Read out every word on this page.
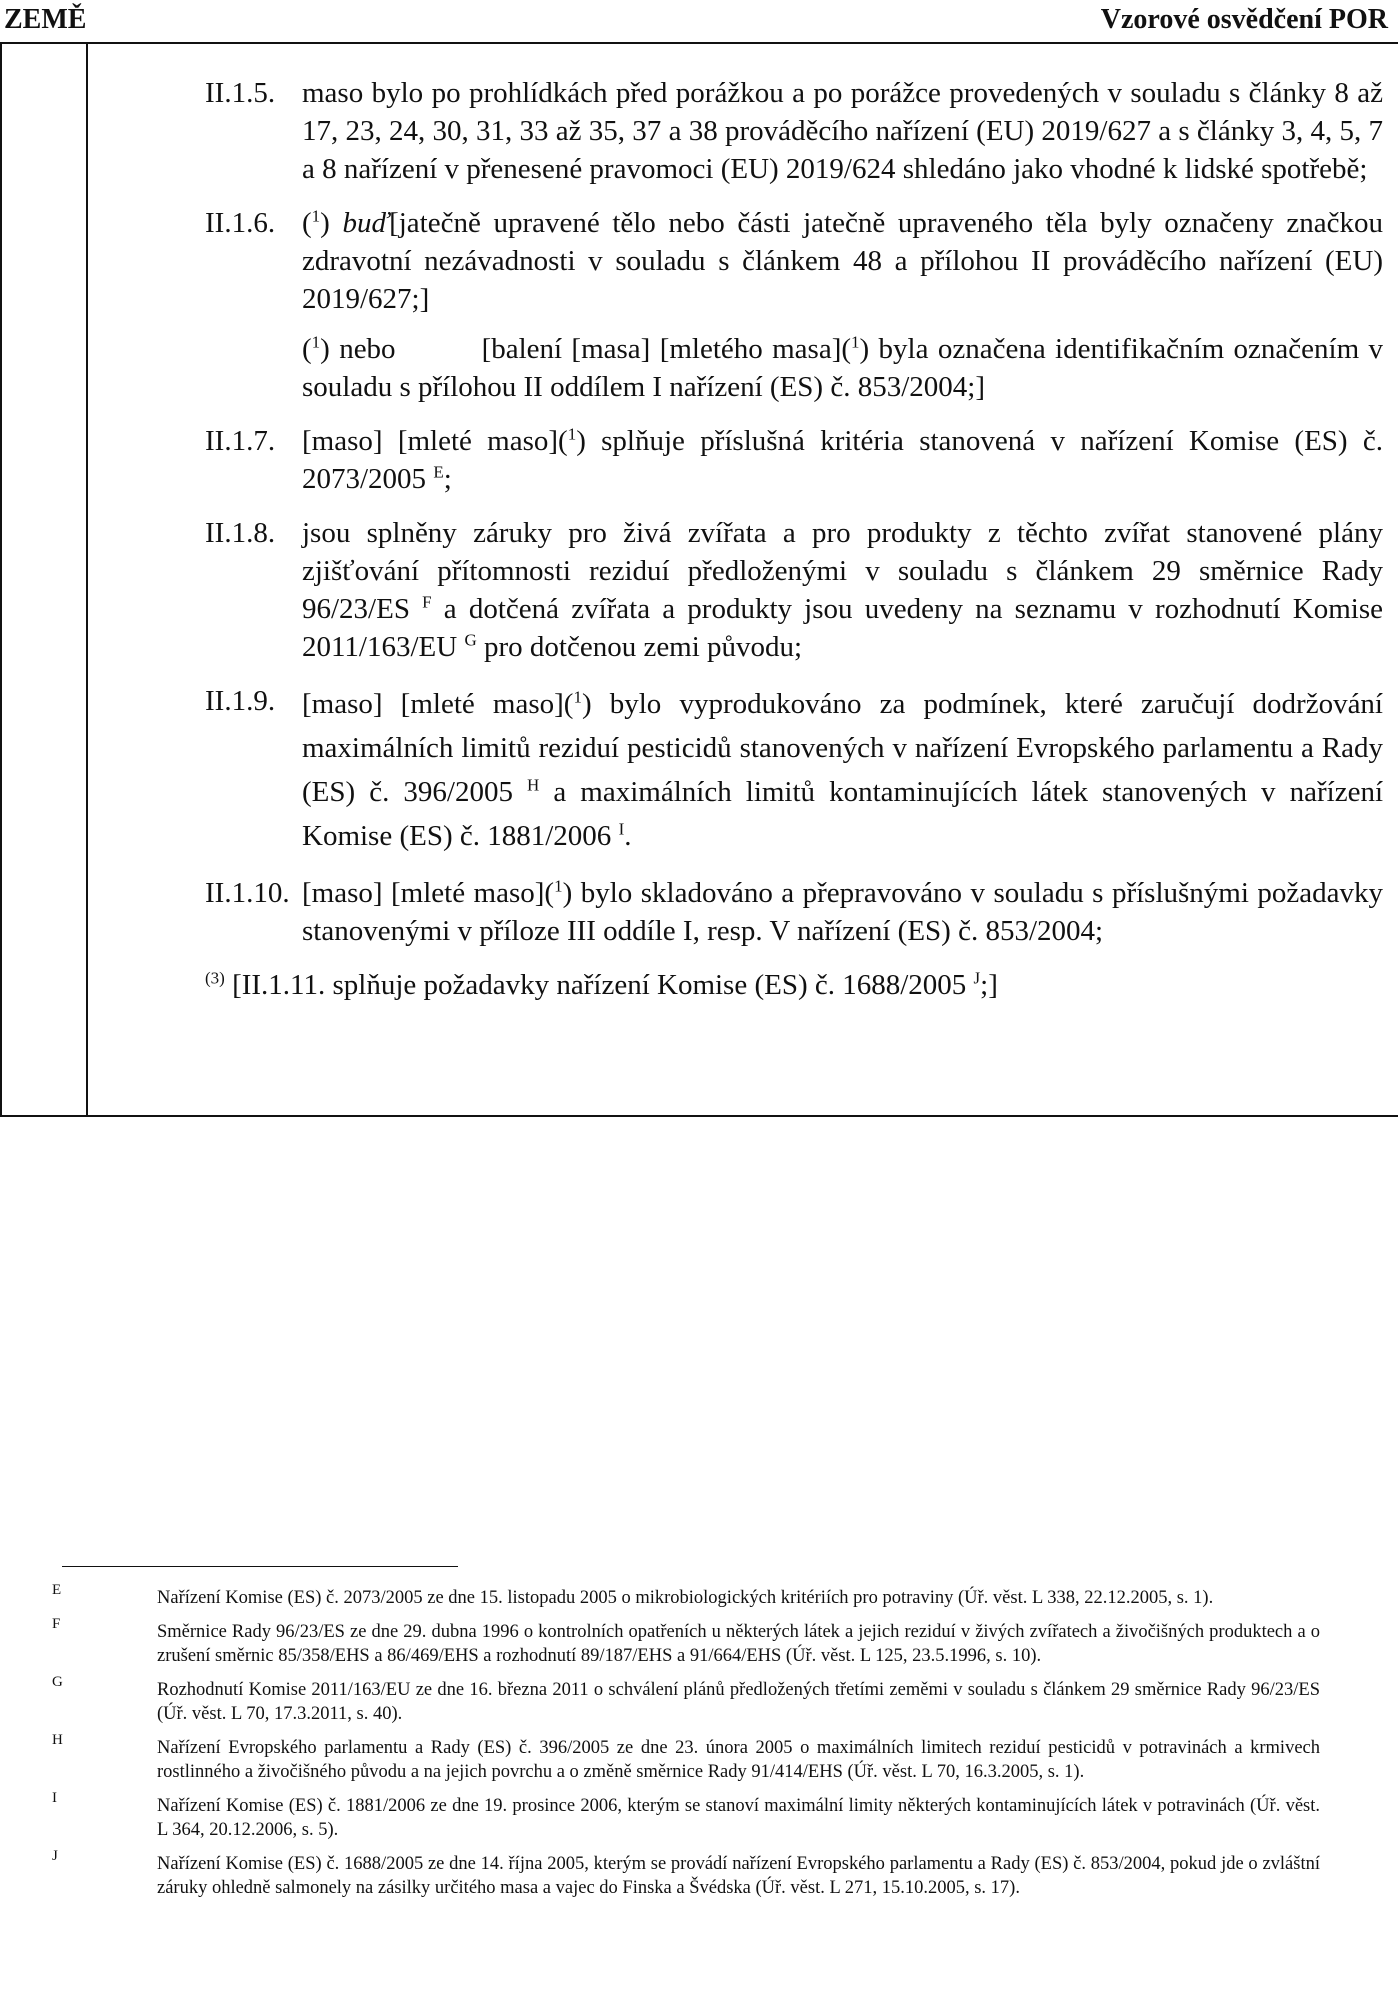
ZEMĚ	Vzorové osvědčení POR
II.1.5. maso bylo po prohlídkách před porážkou a po porážce provedených v souladu s články 8 až 17, 23, 24, 30, 31, 33 až 35, 37 a 38 prováděcího nařízení (EU) 2019/627 a s články 3, 4, 5, 7 a 8 nařízení v přenesené pravomoci (EU) 2019/624 shledáno jako vhodné k lidské spotřebě;
II.1.6. ($^1$) buď[jatečně upravené tělo nebo části jatečně upraveného těla byly označeny značkou zdravotní nezávadnosti v souladu s článkem 48 a přílohou II prováděcího nařízení (EU) 2019/627;]
($^1$) nebo	[balení [masa] [mletého masa]($^1$) byla označena identifikačním označením v souladu s přílohou II oddílem I nařízení (ES) č. 853/2004;]
II.1.7. [maso] [mleté maso]($^1$) splňuje příslušná kritéria stanovená v nařízení Komise (ES) č. 2073/2005 $^E$;
II.1.8. jsou splněny záruky pro živá zvířata a pro produkty z těchto zvířat stanovené plány zjišťování přítomnosti reziduí předloženými v souladu s článkem 29 směrnice Rady 96/23/ES $^F$ a dotčená zvířata a produkty jsou uvedeny na seznamu v rozhodnutí Komise 2011/163/EU $^G$ pro dotčenou zemi původu;
II.1.9. [maso] [mleté maso]($^1$) bylo vyprodukováno za podmínek, které zaručují dodržování maximálních limitů reziduí pesticidů stanovených v nařízení Evropského parlamentu a Rady (ES) č. 396/2005 $^H$ a maximálních limitů kontaminujících látek stanovených v nařízení Komise (ES) č. 1881/2006 $^I$.
II.1.10. [maso] [mleté maso]($^1$) bylo skladováno a přepravováno v souladu s příslušnými požadavky stanovenými v příloze III oddíle I, resp. V nařízení (ES) č. 853/2004;
$^{(3)}$ [II.1.11. splňuje požadavky nařízení Komise (ES) č. 1688/2005 $^J$;]
E	Nařízení Komise (ES) č. 2073/2005 ze dne 15. listopadu 2005 o mikrobiologických kritériích pro potraviny (Úř. věst. L 338, 22.12.2005, s. 1).
F	Směrnice Rady 96/23/ES ze dne 29. dubna 1996 o kontrolních opatřeních u některých látek a jejich reziduí v živých zvířatech a živočišných produktech a o zrušení směrnic 85/358/EHS a 86/469/EHS a rozhodnutí 89/187/EHS a 91/664/EHS (Úř. věst. L 125, 23.5.1996, s. 10).
G	Rozhodnutí Komise 2011/163/EU ze dne 16. března 2011 o schválení plánů předložených třetími zeměmi v souladu s článkem 29 směrnice Rady 96/23/ES (Úř. věst. L 70, 17.3.2011, s. 40).
H	Nařízení Evropského parlamentu a Rady (ES) č. 396/2005 ze dne 23. února 2005 o maximálních limitech reziduí pesticidů v potravinách a krmivech rostlinného a živočišného původu a na jejich povrchu a o změně směrnice Rady 91/414/EHS (Úř. věst. L 70, 16.3.2005, s. 1).
I	Nařízení Komise (ES) č. 1881/2006 ze dne 19. prosince 2006, kterým se stanoví maximální limity některých kontaminujících látek v potravinách (Úř. věst. L 364, 20.12.2006, s. 5).
J	Nařízení Komise (ES) č. 1688/2005 ze dne 14. října 2005, kterým se provádí nařízení Evropského parlamentu a Rady (ES) č. 853/2004, pokud jde o zvláštní záruky ohledně salmonely na zásilky určitého masa a vajec do Finska a Švédska (Úř. věst. L 271, 15.10.2005, s. 17).
